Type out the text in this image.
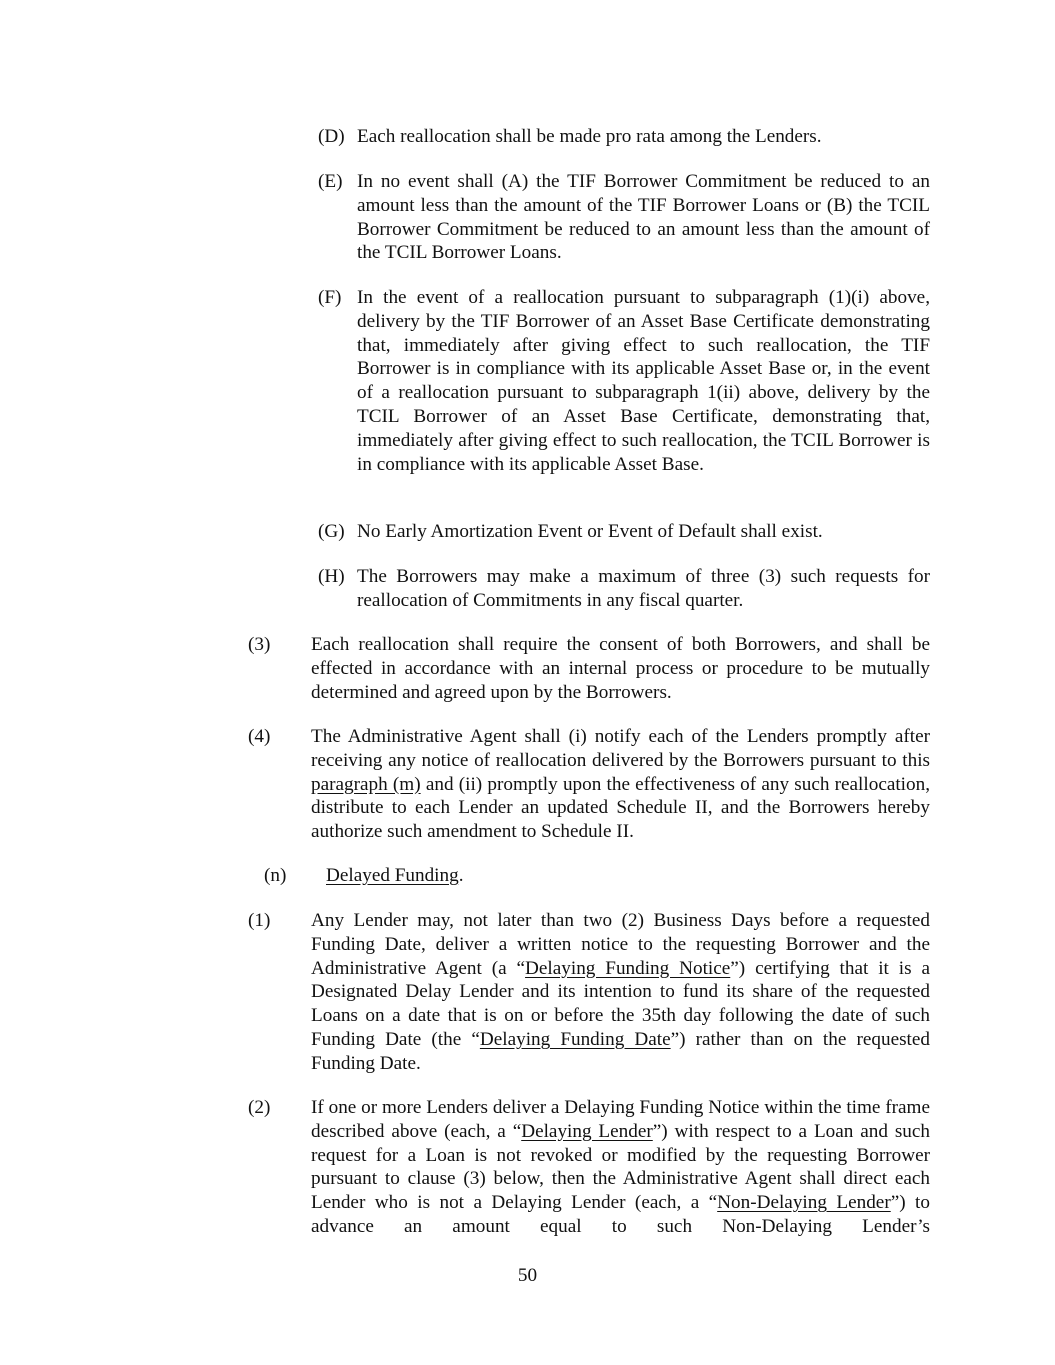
(D) Each reallocation shall be made pro rata among the Lenders.
(E) In no event shall (A) the TIF Borrower Commitment be reduced to an amount less than the amount of the TIF Borrower Loans or (B) the TCIL Borrower Commitment be reduced to an amount less than the amount of the TCIL Borrower Loans.
(F) In the event of a reallocation pursuant to subparagraph (1)(i) above, delivery by the TIF Borrower of an Asset Base Certificate demonstrating that, immediately after giving effect to such reallocation, the TIF Borrower is in compliance with its applicable Asset Base or, in the event of a reallocation pursuant to subparagraph 1(ii) above, delivery by the TCIL Borrower of an Asset Base Certificate, demonstrating that, immediately after giving effect to such reallocation, the TCIL Borrower is in compliance with its applicable Asset Base.
(G) No Early Amortization Event or Event of Default shall exist.
(H) The Borrowers may make a maximum of three (3) such requests for reallocation of Commitments in any fiscal quarter.
(3)	Each reallocation shall require the consent of both Borrowers, and shall be effected in accordance with an internal process or procedure to be mutually determined and agreed upon by the Borrowers.
(4)	The Administrative Agent shall (i) notify each of the Lenders promptly after receiving any notice of reallocation delivered by the Borrowers pursuant to this paragraph (m) and (ii) promptly upon the effectiveness of any such reallocation, distribute to each Lender an updated Schedule II, and the Borrowers hereby authorize such amendment to Schedule II.
(n)	Delayed Funding.
(1)	Any Lender may, not later than two (2) Business Days before a requested Funding Date, deliver a written notice to the requesting Borrower and the Administrative Agent (a “Delaying Funding Notice”) certifying that it is a Designated Delay Lender and its intention to fund its share of the requested Loans on a date that is on or before the 35th day following the date of such Funding Date (the “Delaying Funding Date”) rather than on the requested Funding Date.
(2)	If one or more Lenders deliver a Delaying Funding Notice within the time frame described above (each, a “Delaying Lender”) with respect to a Loan and such request for a Loan is not revoked or modified by the requesting Borrower pursuant to clause (3) below, then the Administrative Agent shall direct each Lender who is not a Delaying Lender (each, a “Non-Delaying Lender”) to advance an amount equal to such Non-Delaying Lender’s
50
